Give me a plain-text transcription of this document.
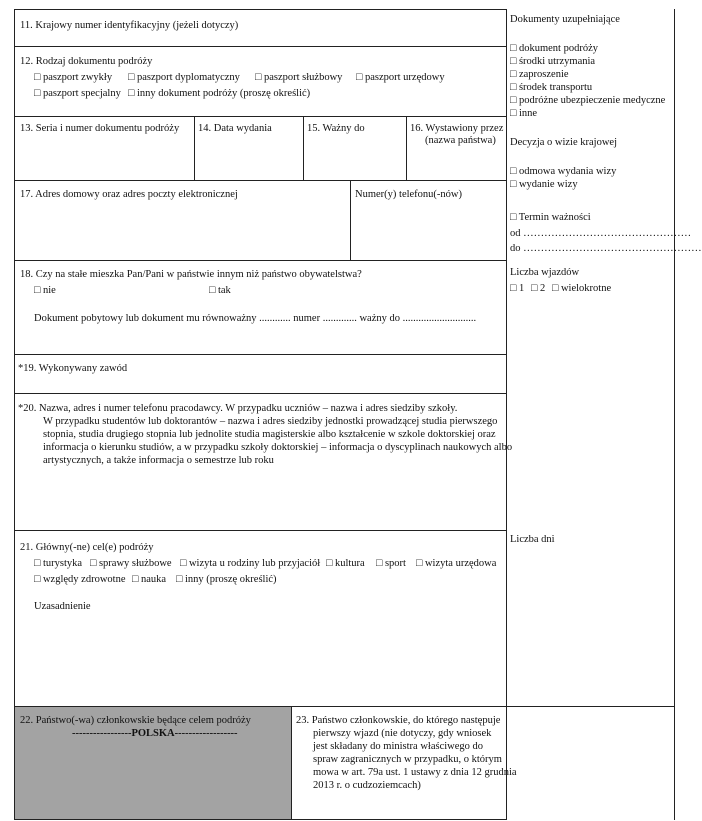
11. Krajowy numer identyfikacyjny (jeżeli dotyczy)
12. Rodzaj dokumentu podróży
□ paszport zwykły □ paszport dyplomatyczny □ paszport służbowy □ paszport urzędowy
□ paszport specjalny □ inny dokument podróży (proszę określić)
13. Seria i numer dokumentu podróży 14. Data wydania	15. Ważny do	16. Wystawiony przez
(nazwa państwa)
17. Adres domowy oraz adres poczty elektronicznej	Numer(y) telefonu(-nów)
18. Czy na stałe mieszka Pan/Pani w państwie innym niż państwo obywatelstwa?
□ nie	□ tak
Dokument pobytowy lub dokument mu równoważny ............ numer ............. ważny do ............................
*19. Wykonywany zawód
*20. Nazwa, adres i numer telefonu pracodawcy. W przypadku uczniów – nazwa i adres siedziby szkoły.
W przypadku studentów lub doktorantów – nazwa i adres siedziby jednostki prowadzącej studia pierwszego
stopnia, studia drugiego stopnia lub jednolite studia magisterskie albo kształcenie w szkole doktorskiej oraz
informacja o kierunku studiów, a w przypadku szkoły doktorskiej – informacja o dyscyplinach naukowych albo
artystycznych, a także informacja o semestrze lub roku
21. Główny(-ne) cel(e) podróży
□ turystyka □ sprawy służbowe □ wizyta u rodziny lub przyjaciół □ kultura □ sport □ wizyta urzędowa
□ względy zdrowotne □ nauka □ inny (proszę określić)
Uzasadnienie
22. Państwo(-wa) członkowskie będące celem podróży
-----------------POLSKA------------------
23. Państwo członkowskie, do którego następuje
pierwszy wjazd (nie dotyczy, gdy wniosek
jest składany do ministra właściwego do
spraw zagranicznych w przypadku, o którym
mowa w art. 79a ust. 1 ustawy z dnia 12 grudnia
2013 r. o cudzoziemcach)
Dokumenty uzupełniające
□ dokument podróży
□ środki utrzymania
□ zaproszenie
□ środek transportu
□ podróżne ubezpieczenie medyczne
□ inne
Decyzja o wizie krajowej
□ odmowa wydania wizy
□ wydanie wizy
□ Termin ważności
od …………………………………………
do ……………………………………………
Liczba wjazdów
□ 1 □ 2 □ wielokrotne
Liczba dni
